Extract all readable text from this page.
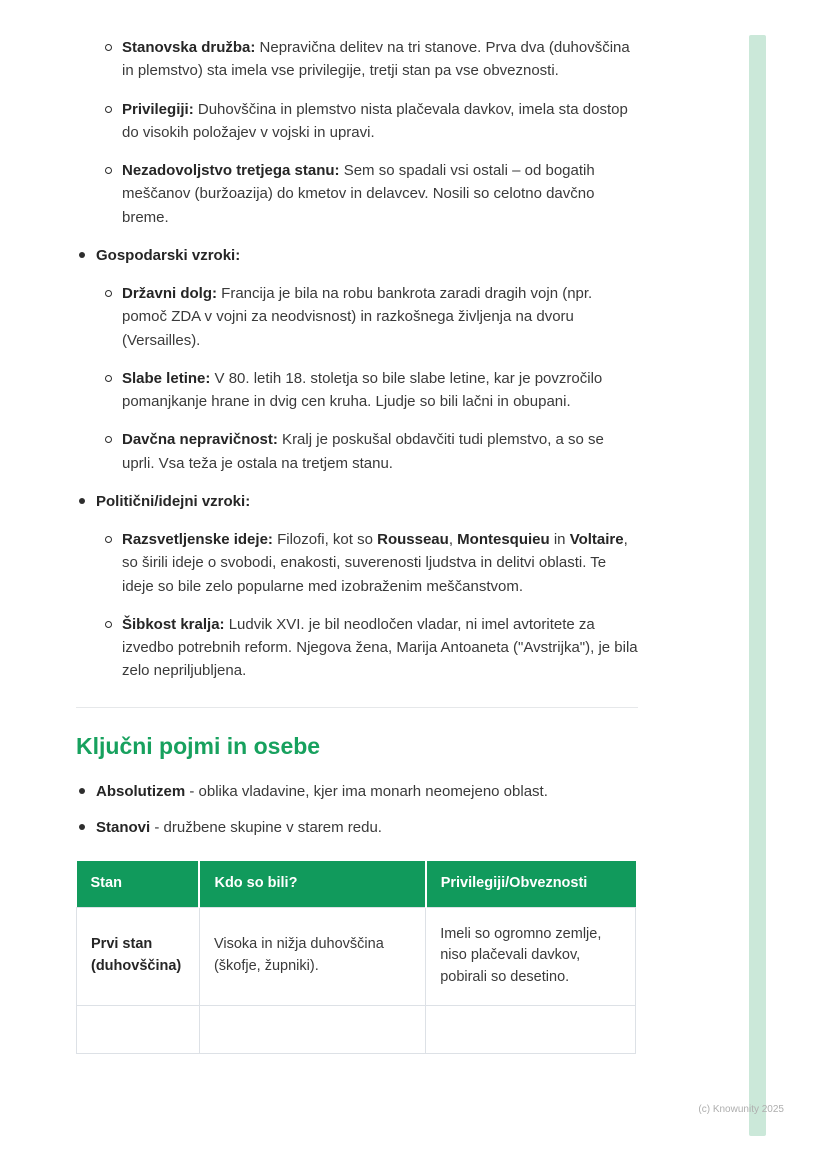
Stanovska družba: Nepravična delitev na tri stanove. Prva dva (duhovščina in plemstvo) sta imela vse privilegije, tretji stan pa vse obveznosti.
Privilegiji: Duhovščina in plemstvo nista plačevala davkov, imela sta dostop do visokih položajev v vojski in upravi.
Nezadovoljstvo tretjega stanu: Sem so spadali vsi ostali – od bogatih meščanov (buržoazija) do kmetov in delavcev. Nosili so celotno davčno breme.
Gospodarski vzroki:
Državni dolg: Francija je bila na robu bankrota zaradi dragih vojn (npr. pomoč ZDA v vojni za neodvisnost) in razkošnega življenja na dvoru (Versailles).
Slabe letine: V 80. letih 18. stoletja so bile slabe letine, kar je povzročilo pomanjkanje hrane in dvig cen kruha. Ljudje so bili lačni in obupani.
Davčna nepravičnost: Kralj je poskušal obdavčiti tudi plemstvo, a so se uprli. Vsa teža je ostala na tretjem stanu.
Politični/idejni vzroki:
Razsvetljenske ideje: Filozofi, kot so Rousseau, Montesquieu in Voltaire, so širili ideje o svobodi, enakosti, suverenosti ljudstva in delitvi oblasti. Te ideje so bile zelo popularne med izobraženim meščanstvom.
Šibkost kralja: Ludvik XVI. je bil neodločen vladar, ni imel avtoritete za izvedbo potrebnih reform. Njegova žena, Marija Antoaneta ("Avstrijka"), je bila zelo nepriljubljena.
Ključni pojmi in osebe
Absolutizem - oblika vladavine, kjer ima monarh neomejeno oblast.
Stanovi - družbene skupine v starem redu.
Stan	Kdo so bili?	Privilegiji/Obveznosti
Prvi stan (duhovščina)	Visoka in nižja duhovščina (škofje, župniki).	Imeli so ogromno zemlje, niso plačevali davkov, pobirali so desetino.

(c) Knowunity 2025
